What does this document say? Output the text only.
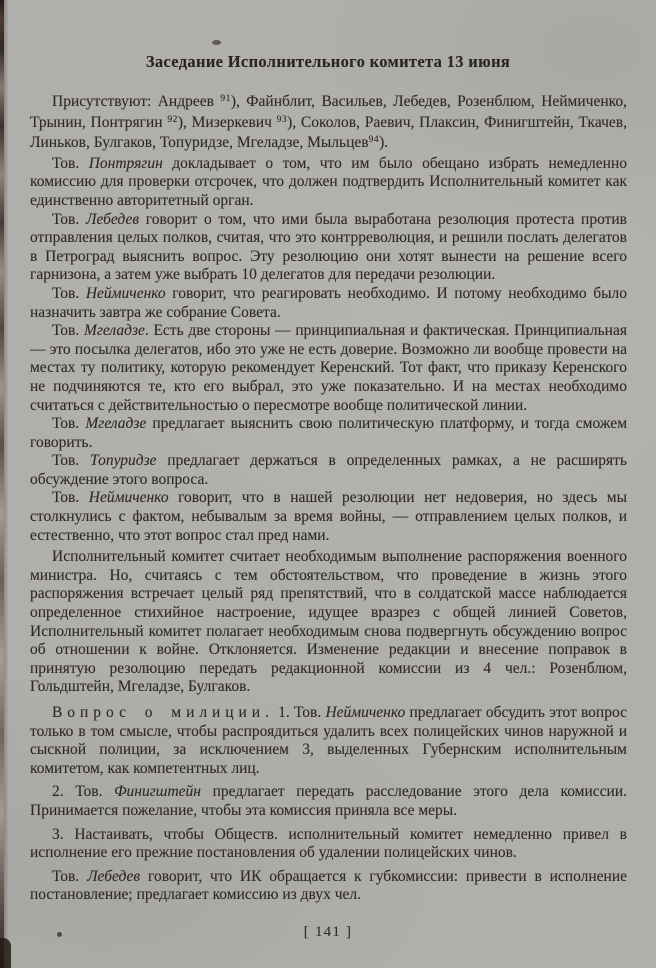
Заседание Исполнительного комитета 13 июня

Присутствуют: Андреев $^{91}$), Файнблит, Васильев, Лебедев, Розенблюм, Неймиченко, Трынин, Понтрягин $^{92}$), Мизеркевич $^{93}$), Соколов, Раевич, Плаксин, Финигштейн, Ткачев, Линьков, Булгаков, Топуридзе, Мгеладзе, Мыльцев$^{94}$).

Тов. Понтрягин докладывает о том, что им было обещано избрать немедленно комиссию для проверки отсрочек, что должен подтвердить Исполнительный комитет как единственно авторитетный орган.

Тов. Лебедев говорит о том, что ими была выработана резолюция протеста против отправления целых полков, считая, что это контрреволюция, и решили послать делегатов в Петроград выяснить вопрос. Эту резолюцию они хотят вынести на решение всего гарнизона, а затем уже выбрать 10 делегатов для передачи резолюции.

Тов. Неймиченко говорит, что реагировать необходимо. И потому необходимо было назначить завтра же собрание Совета.

Тов. Мгеладзе. Есть две стороны — принципиальная и фактическая. Принципиальная — это посылка делегатов, ибо это уже не есть доверие. Возможно ли вообще провести на местах ту политику, которую рекомендует Керенский. Тот факт, что приказу Керенского не подчиняются те, кто его выбрал, это уже показательно. И на местах необходимо считаться с действительностью о пересмотре вообще политической линии.

Тов. Мгеладзе предлагает выяснить свою политическую платформу, и тогда сможем говорить.

Тов. Топуридзе предлагает держаться в определенных рамках, а не расширять обсуждение этого вопроса.

Тов. Неймиченко говорит, что в нашей резолюции нет недоверия, но здесь мы столкнулись с фактом, небывалым за время войны, — отправлением целых полков, и естественно, что этот вопрос стал пред нами.

Исполнительный комитет считает необходимым выполнение распоряжения военного министра. Но, считаясь с тем обстоятельством, что проведение в жизнь этого распоряжения встречает целый ряд препятствий, что в солдатской массе наблюдается определенное стихийное настроение, идущее вразрез с общей линией Советов, Исполнительный комитет полагает необходимым снова подвергнуть обсуждению вопрос об отношении к войне. Отклоняется. Изменение редакции и внесение поправок в принятую резолюцию передать редакционной комиссии из 4 чел.: Розенблюм, Гольдштейн, Мгеладзе, Булгаков.

Вопрос о милиции. 1. Тов. Неймиченко предлагает обсудить этот вопрос только в том смысле, чтобы распроядиться удалить всех полицейских чинов наружной и сыскной полиции, за исключением 3, выделенных Губернским исполнительным комитетом, как компетентных лиц.

2. Тов. Финигштейн предлагает передать расследование этого дела комиссии. Принимается пожелание, чтобы эта комиссия приняла все меры.

3. Настаивать, чтобы Обществ. исполнительный комитет немедленно привел в исполнение его прежние постановления об удалении полицейских чинов.

Тов. Лебедев говорит, что ИК обращается к губкомиссии: привести в исполнение постановление; предлагает комиссию из двух чел.

[ 141 ]
